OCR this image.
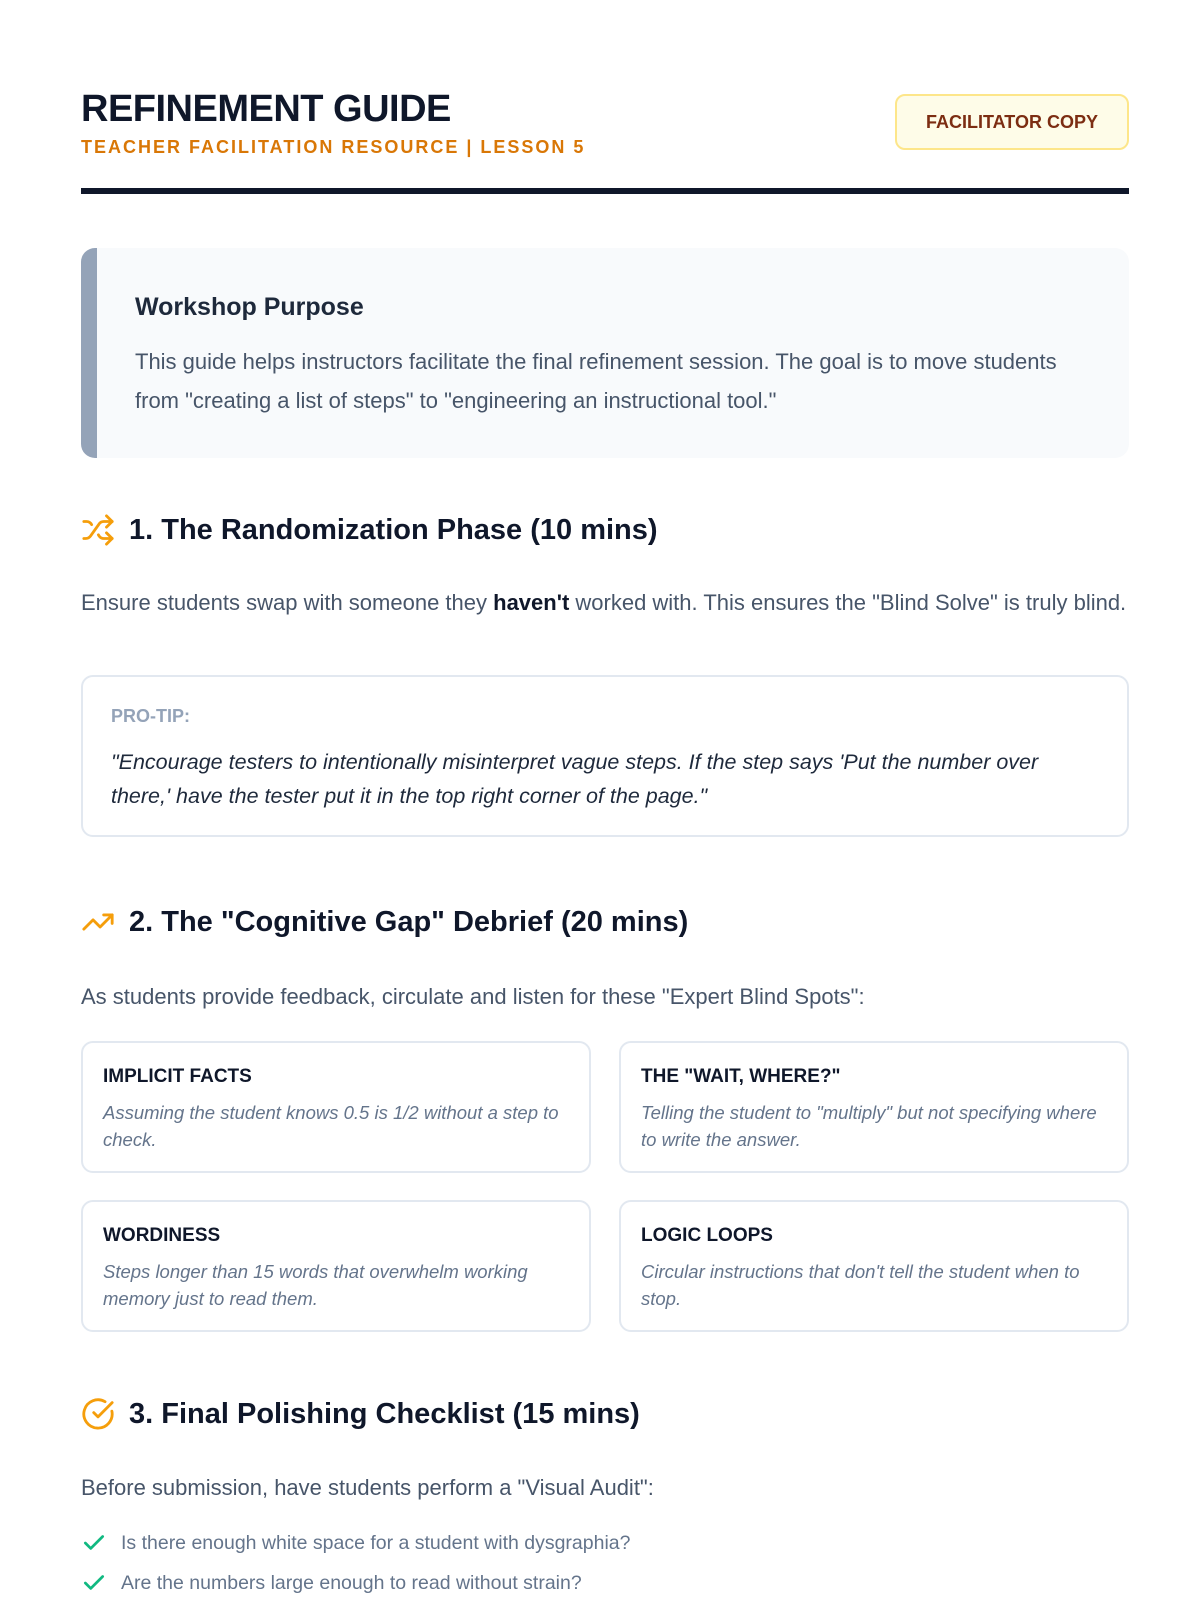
REFINEMENT GUIDE
TEACHER FACILITATION RESOURCE | LESSON 5
FACILITATOR COPY
Workshop Purpose

This guide helps instructors facilitate the final refinement session. The goal is to move students from "creating a list of steps" to "engineering an instructional tool."

1. The Randomization Phase (10 mins)

Ensure students swap with someone they haven't worked with. This ensures the "Blind Solve" is truly blind.

PRO-TIP:

"Encourage testers to intentionally misinterpret vague steps. If the step says 'Put the number over there,' have the tester put it in the top right corner of the page."

2. The "Cognitive Gap" Debrief (20 mins)

As students provide feedback, circulate and listen for these "Expert Blind Spots":

IMPLICIT FACTS

Assuming the student knows 0.5 is 1/2 without a step to check.

THE "WAIT, WHERE?"

Telling the student to "multiply" but not specifying where to write the answer.

WORDINESS

Steps longer than 15 words that overwhelm working memory just to read them.

LOGIC LOOPS

Circular instructions that don't tell the student when to stop.

3. Final Polishing Checklist (15 mins)

Before submission, have students perform a "Visual Audit":

Is there enough white space for a student with dysgraphia?
Are the numbers large enough to read without strain?
